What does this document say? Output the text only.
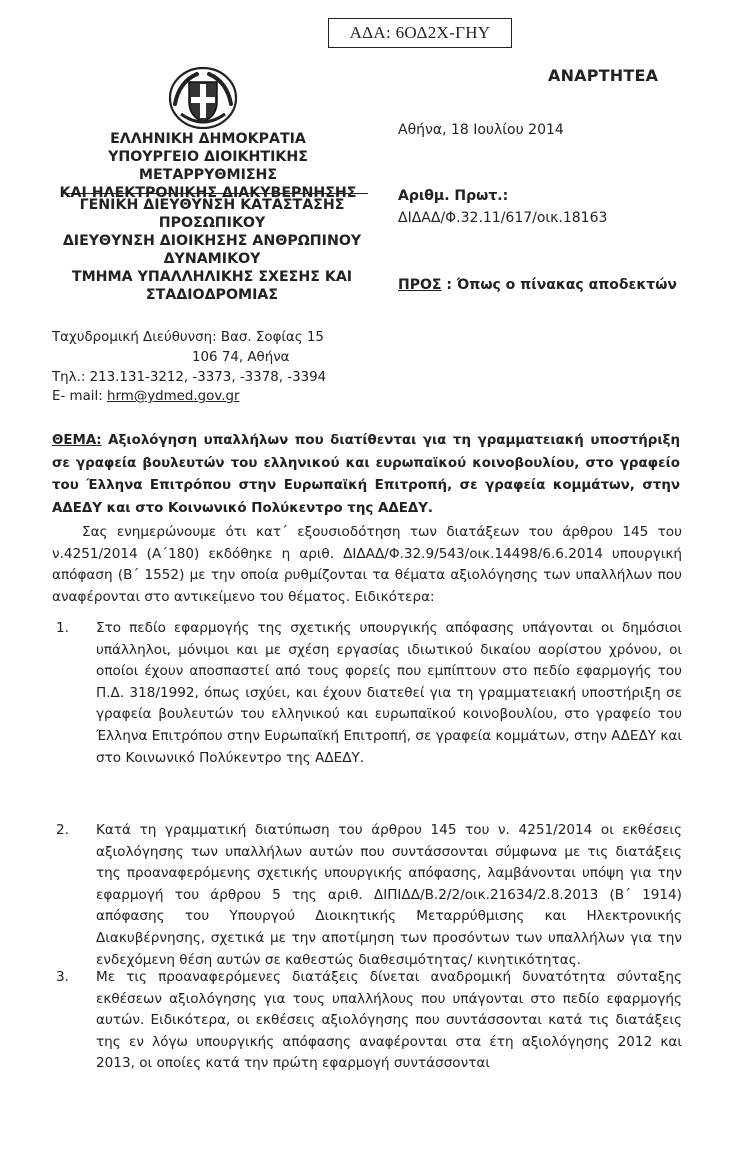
ΑΔΑ: 6ΟΔ2Χ-ΓΗΥ
ΑΝΑΡΤΗΤΕΑ
ΕΛΛΗΝΙΚΗ ΔΗΜΟΚΡΑΤΙΑ
ΥΠΟΥΡΓΕΙΟ ΔΙΟΙΚΗΤΙΚΗΣ ΜΕΤΑΡΡΥΘΜΙΣΗΣ
ΚΑΙ ΗΛΕΚΤΡΟΝΙΚΗΣ ΔΙΑΚΥΒΕΡΝΗΣΗΣ
ΓΕΝΙΚΗ ΔΙΕΥΘΥΝΣΗ ΚΑΤΑΣΤΑΣΗΣ
ΠΡΟΣΩΠΙΚΟΥ
ΔΙΕΥΘΥΝΣΗ ΔΙΟΙΚΗΣΗΣ ΑΝΘΡΩΠΙΝΟΥ
ΔΥΝΑΜΙΚΟΥ
ΤΜΗΜΑ ΥΠΑΛΛΗΛΙΚΗΣ ΣΧΕΣΗΣ ΚΑΙ
ΣΤΑΔΙΟΔΡΟΜΙΑΣ
Ταχυδρομική Διεύθυνση: Βασ. Σοφίας 15
106 74, Αθήνα
Τηλ.: 213.131-3212, -3373, -3378, -3394
E- mail: hrm@ydmed.gov.gr
Αθήνα, 18 Ιουλίου 2014
Αριθμ. Πρωτ.:
ΔΙΔΑΔ/Φ.32.11/617/οικ.18163
ΠΡΟΣ : Όπως ο πίνακας αποδεκτών
ΘΕΜΑ: Αξιολόγηση υπαλλήλων που διατίθενται για τη γραμματειακή υποστήριξη σε γραφεία βουλευτών του ελληνικού και ευρωπαϊκού κοινοβουλίου, στο γραφείο του Έλληνα Επιτρόπου στην Ευρωπαϊκή Επιτροπή, σε γραφεία κομμάτων, στην ΑΔΕΔΥ και στο Κοινωνικό Πολύκεντρο της ΑΔΕΔΥ.
Σας ενημερώνουμε ότι κατ΄ εξουσιοδότηση των διατάξεων του άρθρου 145 του ν.4251/2014 (Α΄180) εκδόθηκε η αριθ. ΔΙΔΑΔ/Φ.32.9/543/οικ.14498/6.6.2014 υπουργική απόφαση (Β΄ 1552) με την οποία ρυθμίζονται τα θέματα αξιολόγησης των υπαλλήλων που αναφέρονται στο αντικείμενο του θέματος. Ειδικότερα:
1. Στο πεδίο εφαρμογής της σχετικής υπουργικής απόφασης υπάγονται οι δημόσιοι υπάλληλοι, μόνιμοι και με σχέση εργασίας ιδιωτικού δικαίου αορίστου χρόνου, οι οποίοι έχουν αποσπαστεί από τους φορείς που εμπίπτουν στο πεδίο εφαρμογής του Π.Δ. 318/1992, όπως ισχύει, και έχουν διατεθεί για τη γραμματειακή υποστήριξη σε γραφεία βουλευτών του ελληνικού και ευρωπαϊκού κοινοβουλίου, στο γραφείο του Έλληνα Επιτρόπου στην Ευρωπαϊκή Επιτροπή, σε γραφεία κομμάτων, στην ΑΔΕΔΥ και στο Κοινωνικό Πολύκεντρο της ΑΔΕΔΥ.
2. Κατά τη γραμματική διατύπωση του άρθρου 145 του ν. 4251/2014 οι εκθέσεις αξιολόγησης των υπαλλήλων αυτών που συντάσσονται σύμφωνα με τις διατάξεις της προαναφερόμενης σχετικής υπουργικής απόφασης, λαμβάνονται υπόψη για την εφαρμογή του άρθρου 5 της αριθ. ΔΙΠΙΔΔ/Β.2/2/οικ.21634/2.8.2013 (Β΄ 1914) απόφασης του Υπουργού Διοικητικής Μεταρρύθμισης και Ηλεκτρονικής Διακυβέρνησης, σχετικά με την αποτίμηση των προσόντων των υπαλλήλων για την ενδεχόμενη θέση αυτών σε καθεστώς διαθεσιμότητας/ κινητικότητας.
3. Με τις προαναφερόμενες διατάξεις δίνεται αναδρομική δυνατότητα σύνταξης εκθέσεων αξιολόγησης για τους υπαλλήλους που υπάγονται στο πεδίο εφαρμογής αυτών. Ειδικότερα, οι εκθέσεις αξιολόγησης που συντάσσονται κατά τις διατάξεις της εν λόγω υπουργικής απόφασης αναφέρονται στα έτη αξιολόγησης 2012 και 2013, οι οποίες κατά την πρώτη εφαρμογή συντάσσονται
